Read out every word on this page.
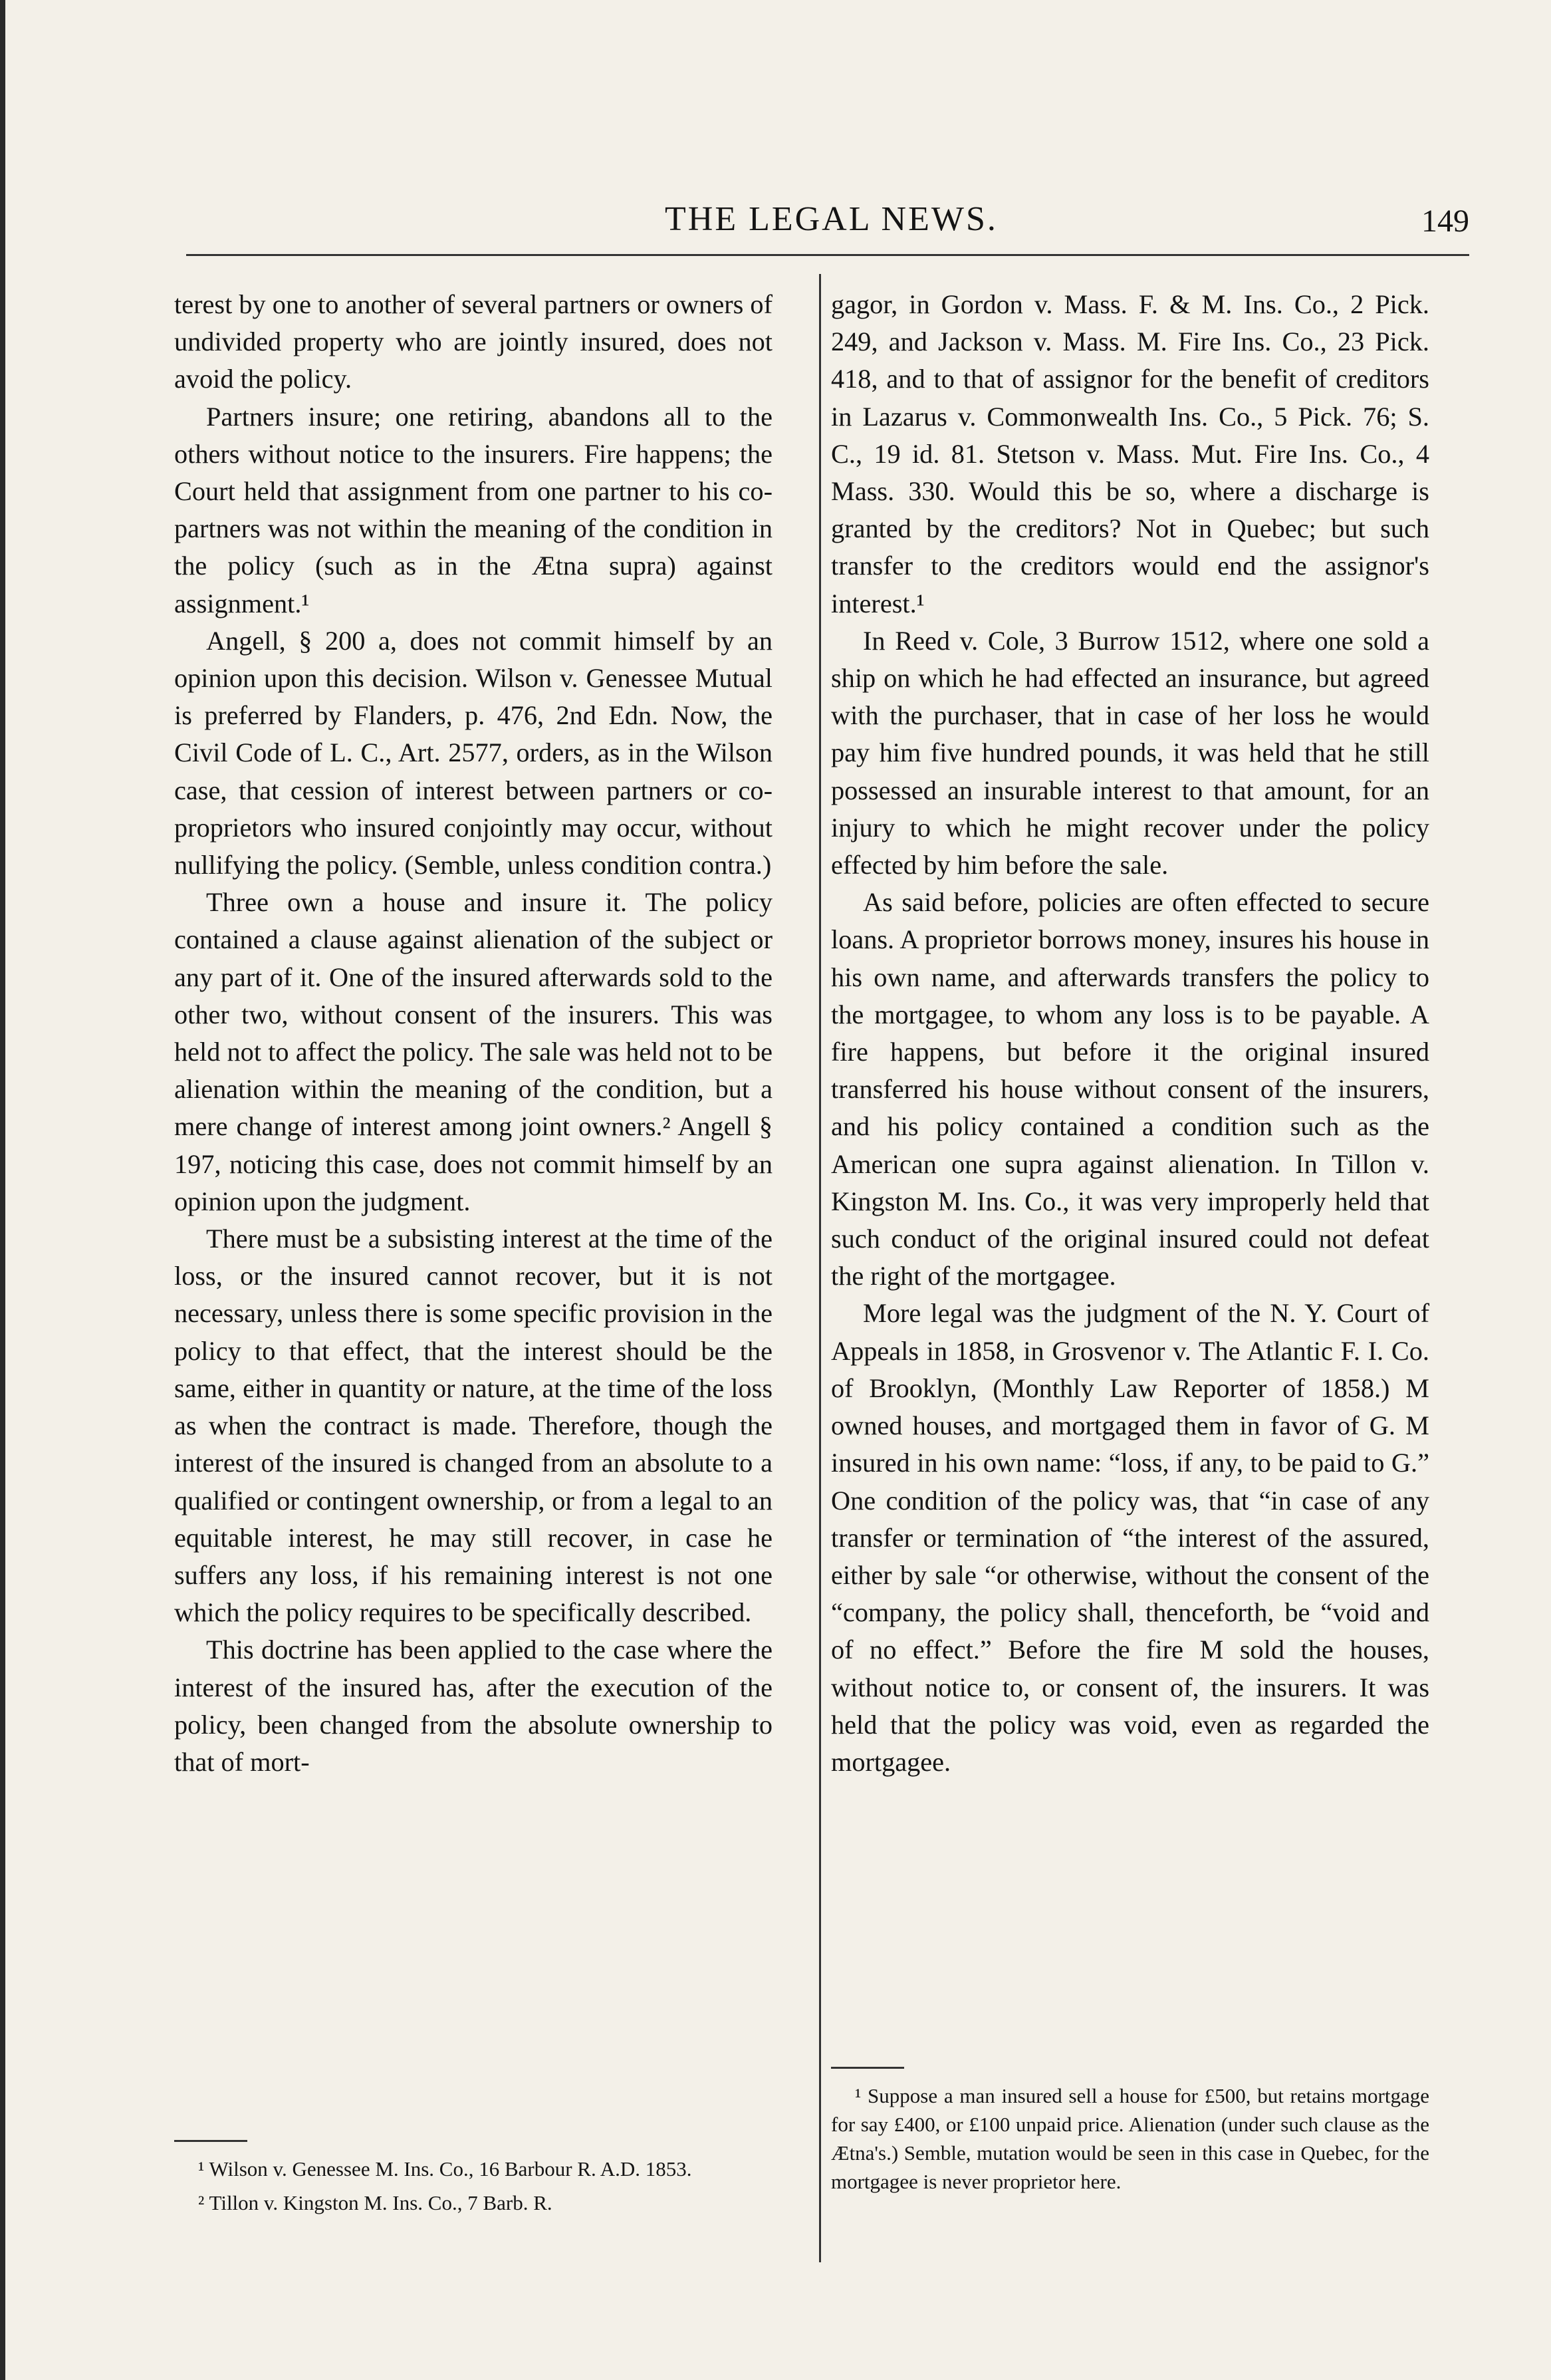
THE LEGAL NEWS.	149

terest by one to another of several partners or owners of undivided property who are jointly insured, does not avoid the policy.

Partners insure; one retiring, abandons all to the others without notice to the insurers. Fire happens; the Court held that assignment from one partner to his co-partners was not within the meaning of the condition in the policy (such as in the Ætna supra) against assignment.¹

Angell, § 200 a, does not commit himself by an opinion upon this decision. Wilson v. Genessee Mutual is preferred by Flanders, p. 476, 2nd Edn. Now, the Civil Code of L. C., Art. 2577, orders, as in the Wilson case, that cession of interest between partners or co-proprietors who insured conjointly may occur, without nullifying the policy. (Semble, unless condition contra.)

Three own a house and insure it. The policy contained a clause against alienation of the subject or any part of it. One of the insured afterwards sold to the other two, without consent of the insurers. This was held not to affect the policy. The sale was held not to be alienation within the meaning of the condition, but a mere change of interest among joint owners.² Angell § 197, noticing this case, does not commit himself by an opinion upon the judgment.

There must be a subsisting interest at the time of the loss, or the insured cannot recover, but it is not necessary, unless there is some specific provision in the policy to that effect, that the interest should be the same, either in quantity or nature, at the time of the loss as when the contract is made. Therefore, though the interest of the insured is changed from an absolute to a qualified or contingent ownership, or from a legal to an equitable interest, he may still recover, in case he suffers any loss, if his remaining interest is not one which the policy requires to be specifically described.

This doctrine has been applied to the case where the interest of the insured has, after the execution of the policy, been changed from the absolute ownership to that of mort-

gagor, in Gordon v. Mass. F. & M. Ins. Co., 2 Pick. 249, and Jackson v. Mass. M. Fire Ins. Co., 23 Pick. 418, and to that of assignor for the benefit of creditors in Lazarus v. Commonwealth Ins. Co., 5 Pick. 76; S. C., 19 id. 81. Stetson v. Mass. Mut. Fire Ins. Co., 4 Mass. 330. Would this be so, where a discharge is granted by the creditors? Not in Quebec; but such transfer to the creditors would end the assignor's interest.¹

In Reed v. Cole, 3 Burrow 1512, where one sold a ship on which he had effected an insurance, but agreed with the purchaser, that in case of her loss he would pay him five hundred pounds, it was held that he still possessed an insurable interest to that amount, for an injury to which he might recover under the policy effected by him before the sale.

As said before, policies are often effected to secure loans. A proprietor borrows money, insures his house in his own name, and afterwards transfers the policy to the mortgagee, to whom any loss is to be payable. A fire happens, but before it the original insured transferred his house without consent of the insurers, and his policy contained a condition such as the American one supra against alienation. In Tillon v. Kingston M. Ins. Co., it was very improperly held that such conduct of the original insured could not defeat the right of the mortgagee.

More legal was the judgment of the N. Y. Court of Appeals in 1858, in Grosvenor v. The Atlantic F. I. Co. of Brooklyn, (Monthly Law Reporter of 1858.) M owned houses, and mortgaged them in favor of G. M insured in his own name: “loss, if any, to be paid to G.” One condition of the policy was, that “in case of any transfer or termination of “the interest of the assured, either by sale “or otherwise, without the consent of the “company, the policy shall, thenceforth, be “void and of no effect.” Before the fire M sold the houses, without notice to, or consent of, the insurers. It was held that the policy was void, even as regarded the mortgagee.

¹ Wilson v. Genessee M. Ins. Co., 16 Barbour R. A.D. 1853.

² Tillon v. Kingston M. Ins. Co., 7 Barb. R.

¹ Suppose a man insured sell a house for £500, but retains mortgage for say £400, or £100 unpaid price. Alienation (under such clause as the Ætna's.) Semble, mutation would be seen in this case in Quebec, for the mortgagee is never proprietor here.
